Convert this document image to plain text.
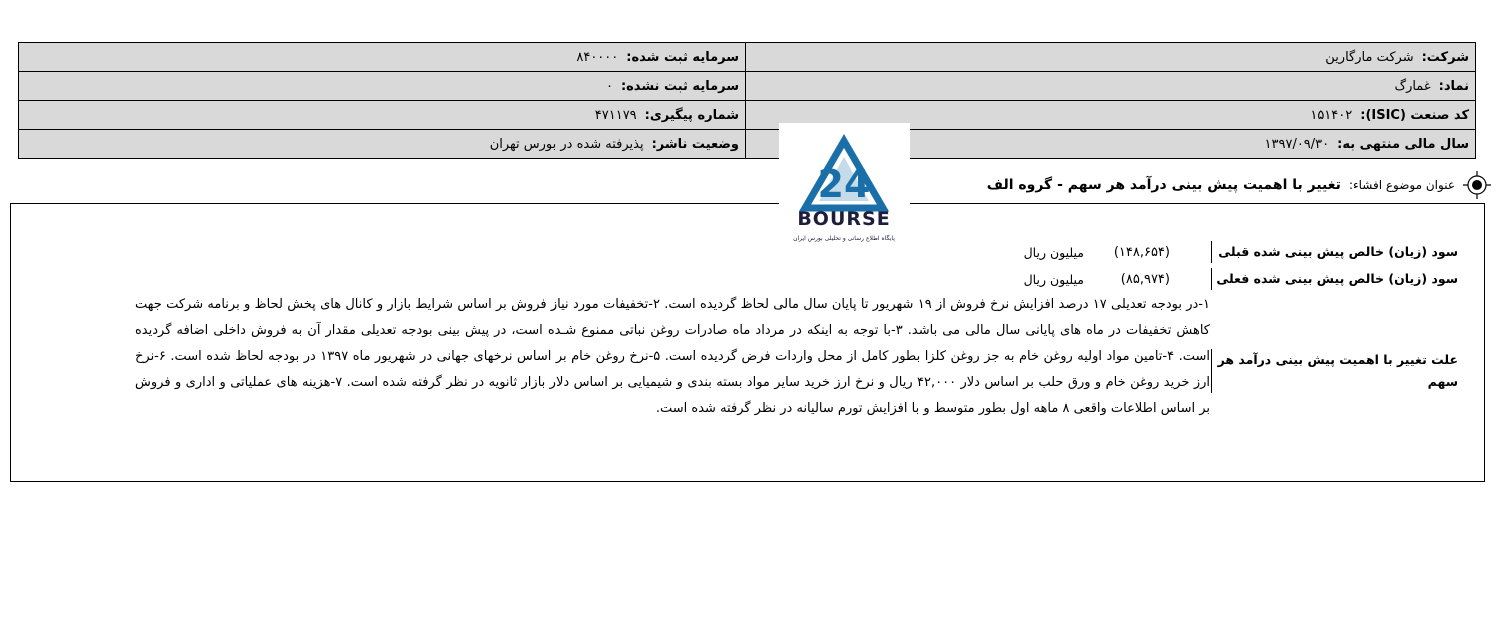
شرکت:شرکت مارگارین	سرمایه ثبت شده:۸۴۰۰۰۰
نماد:غمارگ	سرمایه ثبت نشده:۰
کد صنعت (ISIC):۱۵۱۴۰۲	شماره پیگیری:۴۷۱۱۷۹
سال مالی منتهی به:۱۳۹۷/۰۹/۳۰	وضعیت ناشر:پذیرفته شده در بورس تهران
عنوان موضوع افشاء:
تغییر با اهمیت پیش بینی درآمد هر سهم - گروه الف
سود (زیان) خالص پیش بینی شده قبلی
(۱۴۸,۶۵۴)
میلیون ریال
سود (زیان) خالص پیش بینی شده فعلی
(۸۵,۹۷۴)
میلیون ریال
علت تغییر با اهمیت پیش بینی درآمد هر سهم
۱-در بودجه تعدیلی ۱۷ درصد افزایش نرخ فروش از ۱۹ شهریور تا پایان سال مالی لحاظ گردیده است. ۲-تخفیفات مورد نیاز فروش بر اساس شرایط بازار و کانال های پخش لحاظ و برنامه شرکت جهت کاهش تخفیفات در ماه های پایانی سال مالی می باشد. ۳-با توجه به اینکه در مرداد ماه صادرات روغن نباتی ممنوع شـده است، در پیش بینی بودجه تعدیلی مقدار آن به فروش داخلی اضافه گردیده است. ۴-تامین مواد اولیه روغن خام به جز روغن کلزا بطور کامل از محل واردات فرض گردیده است. ۵-نرخ روغن خام بر اساس نرخهای جهانی در شهریور ماه ۱۳۹۷ در بودجه لحاظ شده است. ۶-نرخ ارز خرید روغن خام و ورق حلب بر اساس دلار ۴۲,۰۰۰ ریال و نرخ ارز خرید سایر مواد بسته بندی و شیمیایی بر اساس دلار بازار ثانویه در نظر گرفته شده است. ۷-هزینه های عملیاتی و اداری و فروش بر اساس اطلاعات واقعی ۸ ماهه اول بطور متوسط و با افزایش تورم سالیانه در نظر گرفته شده است.
24
BOURSE
پایگاه اطلاع رسانی و تحلیلی بورس ایران
